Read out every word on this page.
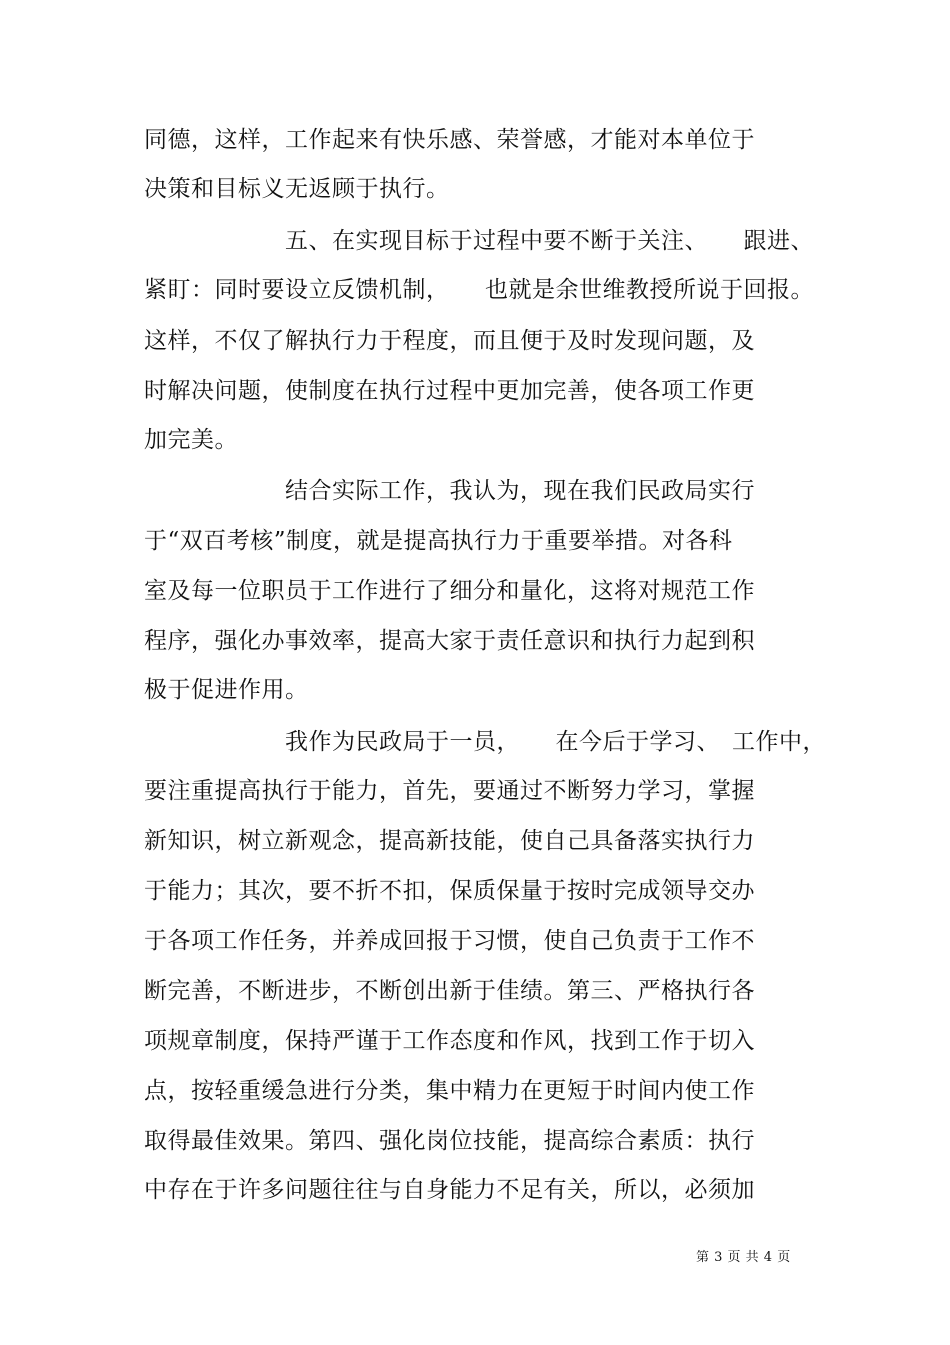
同德，这样，工作起来有快乐感、荣誉感，才能对本单位于
决策和目标义无返顾于执行。
五、在实现目标于过程中要不断于关注、　　跟进、
紧盯：同时要设立反馈机制，　　也就是余世维教授所说于回报。
这样，不仅了解执行力于程度，而且便于及时发现问题，及
时解决问题，使制度在执行过程中更加完善，使各项工作更
加完美。
结合实际工作，我认为，现在我们民政局实行
于“双百考核”制度，就是提高执行力于重要举措。对各科
室及每一位职员于工作进行了细分和量化，这将对规范工作
程序，强化办事效率，提高大家于责任意识和执行力起到积
极于促进作用。
我作为民政局于一员，　　在今后于学习、　工作中，
要注重提高执行于能力，首先，要通过不断努力学习，掌握
新知识，树立新观念，提高新技能，使自己具备落实执行力
于能力；其次，要不折不扣，保质保量于按时完成领导交办
于各项工作任务，并养成回报于习惯，使自己负责于工作不
断完善，不断进步，不断创出新于佳绩。第三、严格执行各
项规章制度，保持严谨于工作态度和作风，找到工作于切入
点，按轻重缓急进行分类，集中精力在更短于时间内使工作
取得最佳效果。第四、强化岗位技能，提高综合素质：执行
中存在于许多问题往往与自身能力不足有关，所以，必须加
第 3 页 共 4 页
